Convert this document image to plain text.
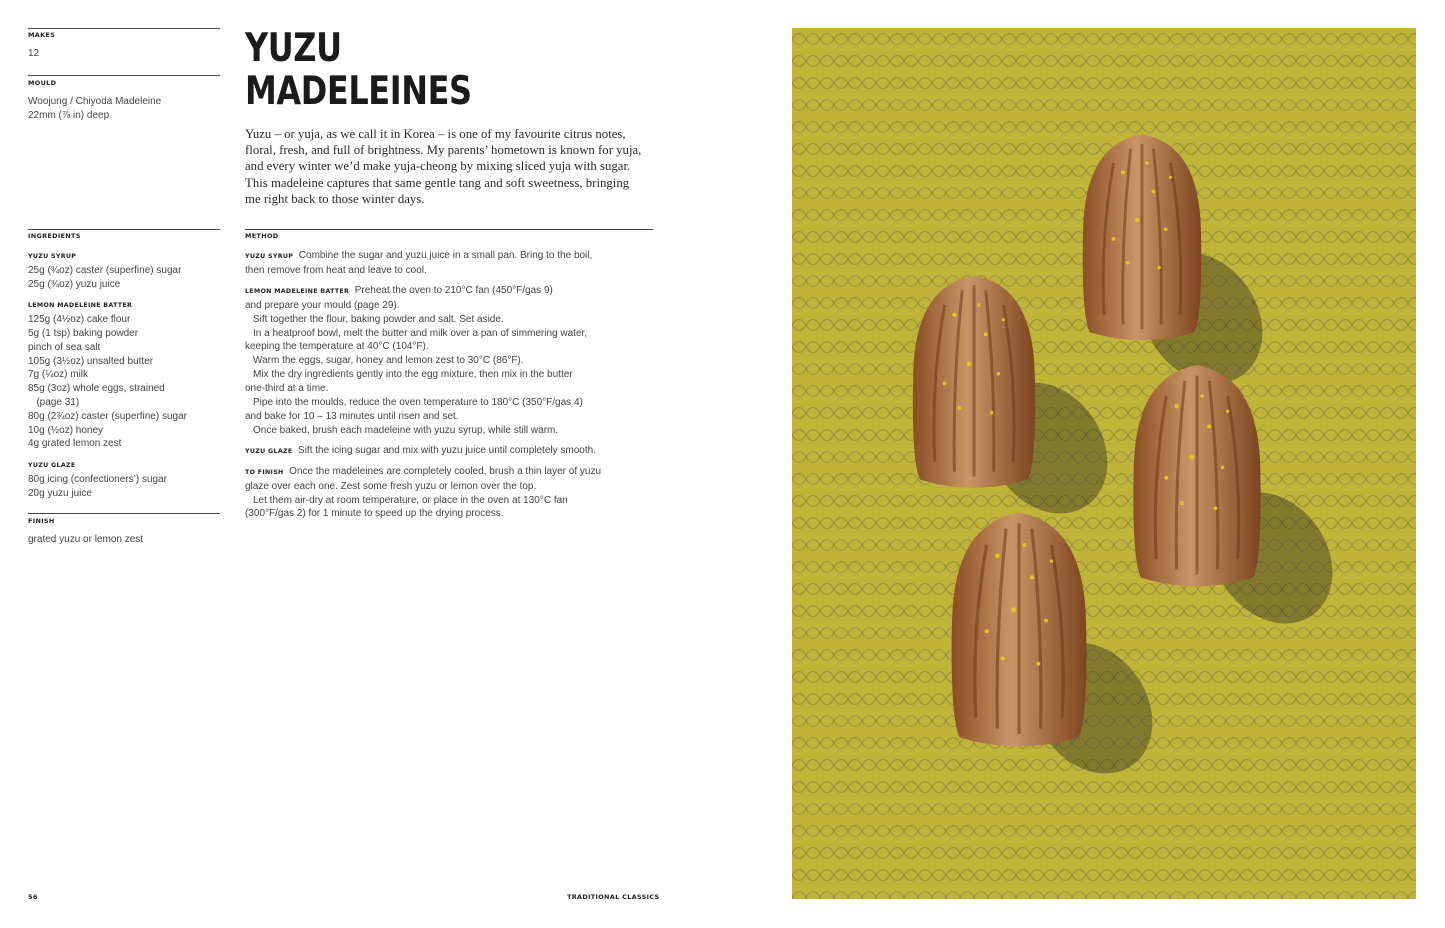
MAKES
12
MOULD
Woojung / Chiyoda Madeleine
22mm (⅞ in) deep
INGREDIENTS
YUZU SYRUP
25g (¾oz) caster (superfine) sugar
25g (¾oz) yuzu juice
LEMON MADELEINE BATTER
125g (4½oz) cake flour
5g (1 tsp) baking powder
pinch of sea salt
105g (3½oz) unsalted butter
7g (¼oz) milk
85g (3oz) whole eggs, strained
(page 31)
80g (2¾oz) caster (superfine) sugar
10g (½oz) honey
4g grated lemon zest
YUZU GLAZE
80g icing (confectioners’) sugar
20g yuzu juice
FINISH
grated yuzu or lemon zest
YUZU
MADELEINES
Yuzu – or yuja, as we call it in Korea – is one of my favourite citrus notes,
floral, fresh, and full of brightness. My parents’ hometown is known for yuja,
and every winter we’d make yuja-cheong by mixing sliced yuja with sugar.
This madeleine captures that same gentle tang and soft sweetness, bringing
me right back to those winter days.
METHOD
YUZU SYRUP Combine the sugar and yuzu juice in a small pan. Bring to the boil,
then remove from heat and leave to cool.
LEMON MADELEINE BATTER Preheat the oven to 210°C fan (450°F/gas 9)
and prepare your mould (page 29).
Sift together the flour, baking powder and salt. Set aside.
In a heatproof bowl, melt the butter and milk over a pan of simmering water,
keeping the temperature at 40°C (104°F).
Warm the eggs, sugar, honey and lemon zest to 30°C (86°F).
Mix the dry ingredients gently into the egg mixture, then mix in the butter
one-third at a time.
Pipe into the moulds, reduce the oven temperature to 180°C (350°F/gas 4)
and bake for 10 – 13 minutes until risen and set.
Once baked, brush each madeleine with yuzu syrup, while still warm.
YUZU GLAZE Sift the icing sugar and mix with yuzu juice until completely smooth.
TO FINISH Once the madeleines are completely cooled, brush a thin layer of yuzu
glaze over each one. Zest some fresh yuzu or lemon over the top.
Let them air-dry at room temperature, or place in the oven at 130°C fan
(300°F/gas 2) for 1 minute to speed up the drying process.
56	TRADITIONAL CLASSICS
